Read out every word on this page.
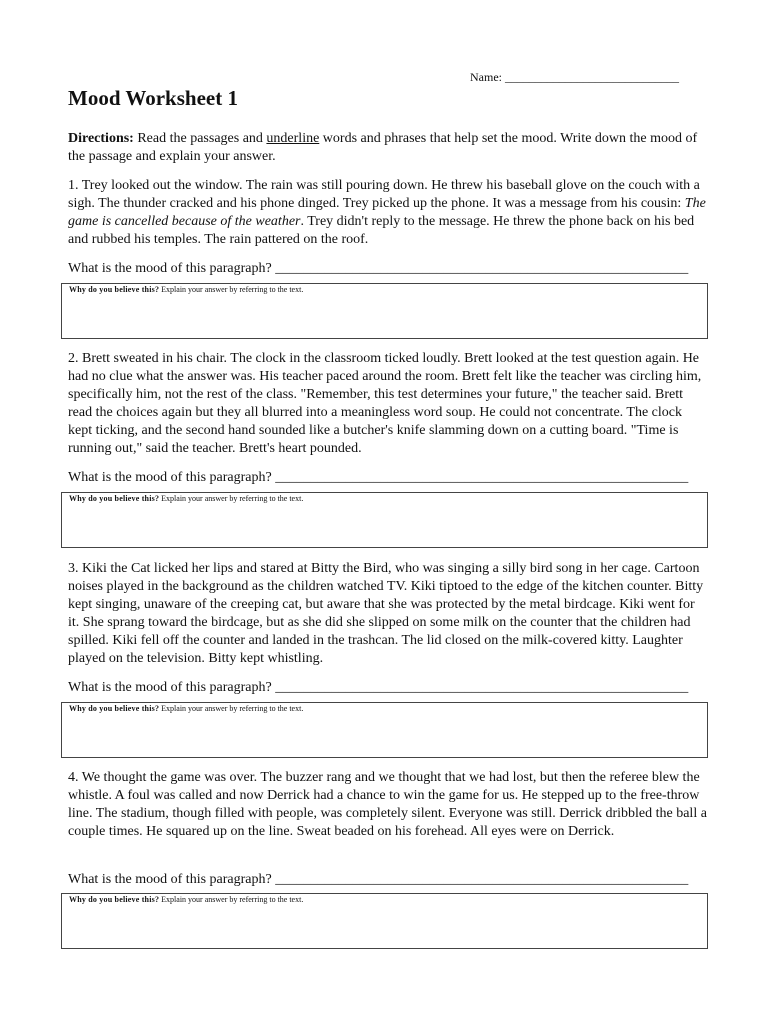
Name: _____________________________
Mood Worksheet 1
Directions: Read the passages and underline words and phrases that help set the mood. Write down the mood of the passage and explain your answer.

1. Trey looked out the window. The rain was still pouring down. He threw his baseball glove on the couch with a sigh. The thunder cracked and his phone dinged. Trey picked up the phone. It was a message from his cousin: The game is cancelled because of the weather. Trey didn't reply to the message. He threw the phone back on his bed and rubbed his temples. The rain pattered on the roof.

What is the mood of this paragraph? ___________________________________________________________
Why do you believe this? Explain your answer by referring to the text.

2. Brett sweated in his chair. The clock in the classroom ticked loudly. Brett looked at the test question again. He had no clue what the answer was. His teacher paced around the room. Brett felt like the teacher was circling him, specifically him, not the rest of the class. "Remember, this test determines your future," the teacher said. Brett read the choices again but they all blurred into a meaningless word soup. He could not concentrate. The clock kept ticking, and the second hand sounded like a butcher's knife slamming down on a cutting board. "Time is running out," said the teacher. Brett's heart pounded.

What is the mood of this paragraph? ___________________________________________________________
Why do you believe this? Explain your answer by referring to the text.

3. Kiki the Cat licked her lips and stared at Bitty the Bird, who was singing a silly bird song in her cage. Cartoon noises played in the background as the children watched TV. Kiki tiptoed to the edge of the kitchen counter. Bitty kept singing, unaware of the creeping cat, but aware that she was protected by the metal birdcage. Kiki went for it. She sprang toward the birdcage, but as she did she slipped on some milk on the counter that the children had spilled. Kiki fell off the counter and landed in the trashcan. The lid closed on the milk-covered kitty. Laughter played on the television. Bitty kept whistling.

What is the mood of this paragraph? ___________________________________________________________
Why do you believe this? Explain your answer by referring to the text.

4. We thought the game was over. The buzzer rang and we thought that we had lost, but then the referee blew the whistle. A foul was called and now Derrick had a chance to win the game for us. He stepped up to the free-throw line. The stadium, though filled with people, was completely silent. Everyone was still. Derrick dribbled the ball a couple times. He squared up on the line. Sweat beaded on his forehead. All eyes were on Derrick.

What is the mood of this paragraph? ___________________________________________________________
Why do you believe this? Explain your answer by referring to the text.
